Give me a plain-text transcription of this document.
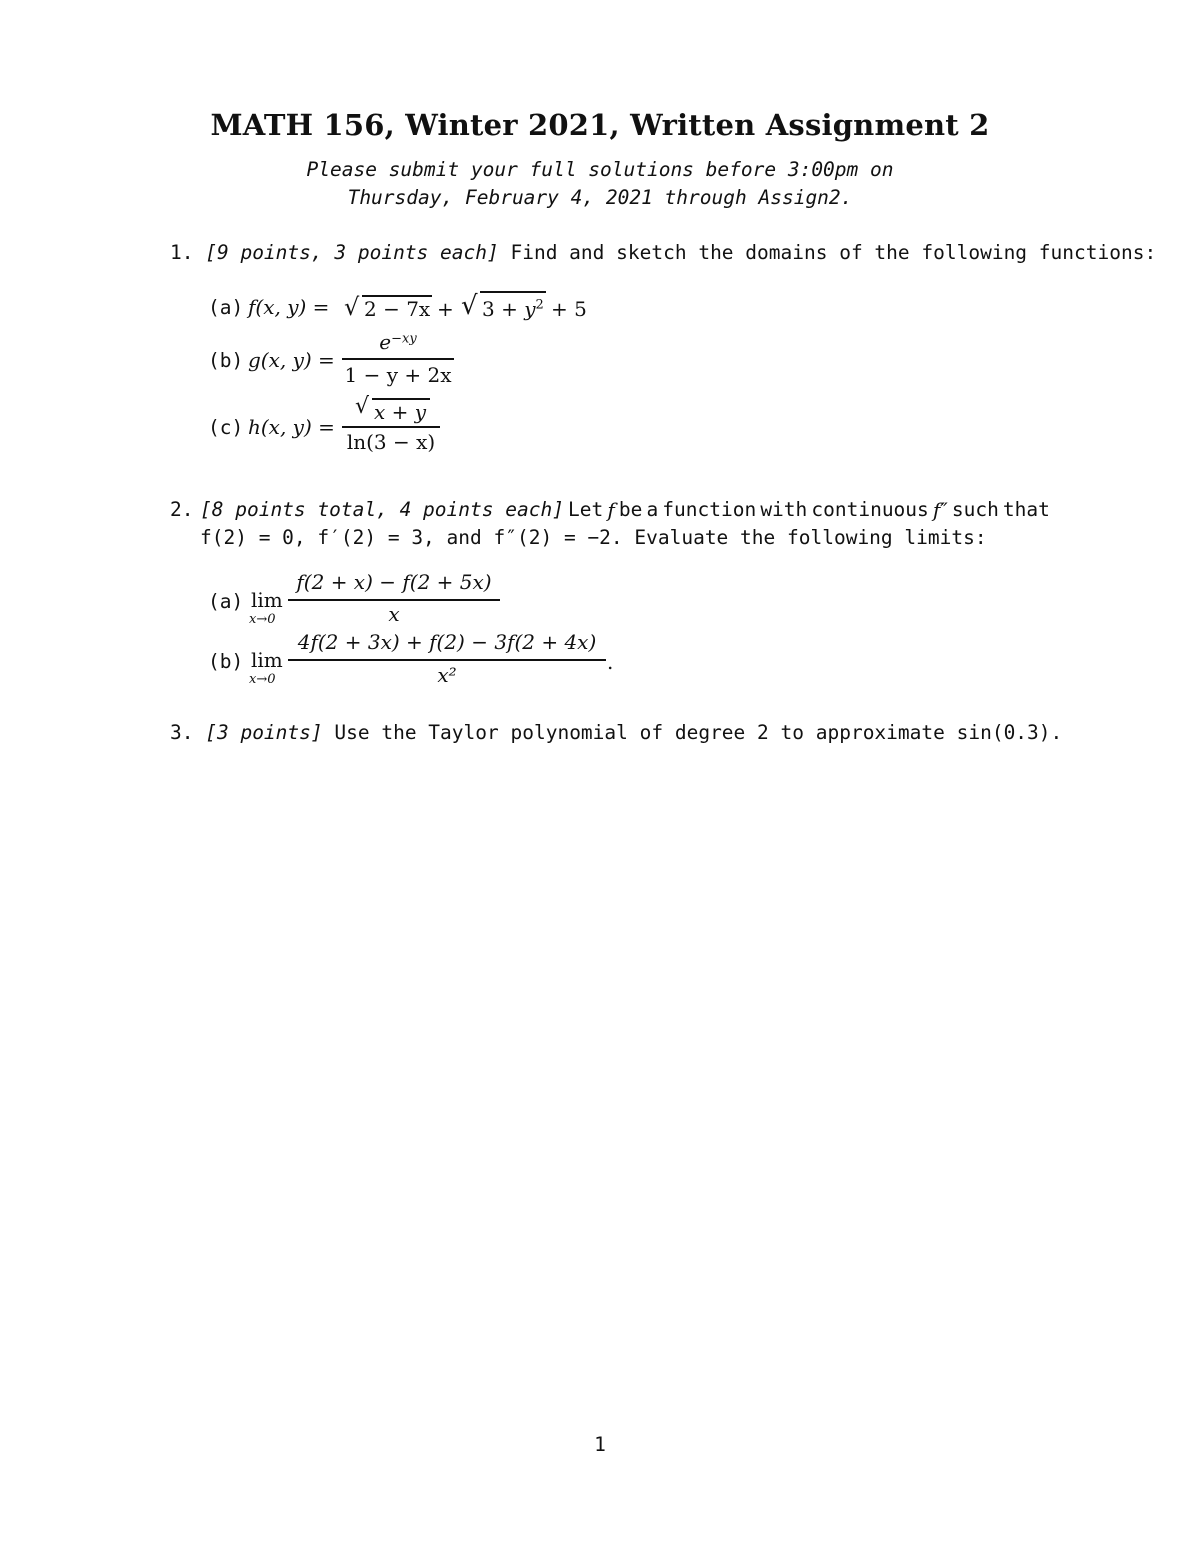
MATH 156, Winter 2021, Written Assignment 2
Please submit your full solutions before 3:00pm on
Thursday, February 4, 2021 through Assign2.
1. [9 points, 3 points each] Find and sketch the domains of the following functions:
(a) f(x, y) = √ 2 − 7x + √ $3 + y^2 + 5$
(b) g(x, y) =
$e^{-xy}$
1 − y + 2x
(c) h(x, y) =
√ x + y
ln(3 − x)
2. [8 points total, 4 points each] Let f be a function with continuous f″ such that
f(2) = 0, f′(2) = 3, and f″(2) = −2. Evaluate the following limits:
(a) lim
x→0
f(2 + x) − f(2 + 5x)
x
(b) lim
x→0
4f(2 + 3x) + f(2) − 3f(2 + 4x)
x²
.
3. [3 points] Use the Taylor polynomial of degree 2 to approximate sin(0.3).
1
